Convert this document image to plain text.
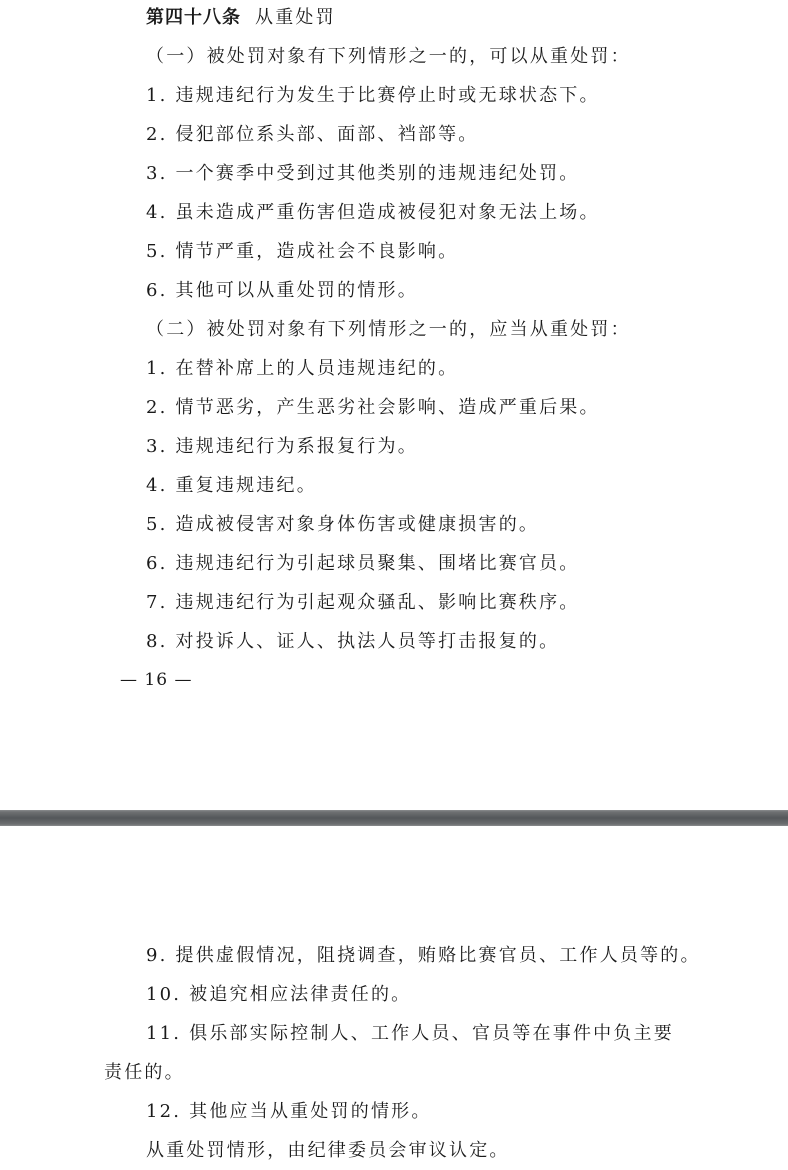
第四十八条 从重处罚

（一）被处罚对象有下列情形之一的，可以从重处罚：

1. 违规违纪行为发生于比赛停止时或无球状态下。

2. 侵犯部位系头部、面部、裆部等。

3. 一个赛季中受到过其他类别的违规违纪处罚。

4. 虽未造成严重伤害但造成被侵犯对象无法上场。

5. 情节严重，造成社会不良影响。

6. 其他可以从重处罚的情形。

（二）被处罚对象有下列情形之一的，应当从重处罚：

1. 在替补席上的人员违规违纪的。

2. 情节恶劣，产生恶劣社会影响、造成严重后果。

3. 违规违纪行为系报复行为。

4. 重复违规违纪。

5. 造成被侵害对象身体伤害或健康损害的。

6. 违规违纪行为引起球员聚集、围堵比赛官员。

7. 违规违纪行为引起观众骚乱、影响比赛秩序。

8. 对投诉人、证人、执法人员等打击报复的。

— 16 —

9. 提供虚假情况，阻挠调查，贿赂比赛官员、工作人员等的。

10. 被追究相应法律责任的。

11. 俱乐部实际控制人、工作人员、官员等在事件中负主要

责任的。

12. 其他应当从重处罚的情形。

从重处罚情形，由纪律委员会审议认定。
